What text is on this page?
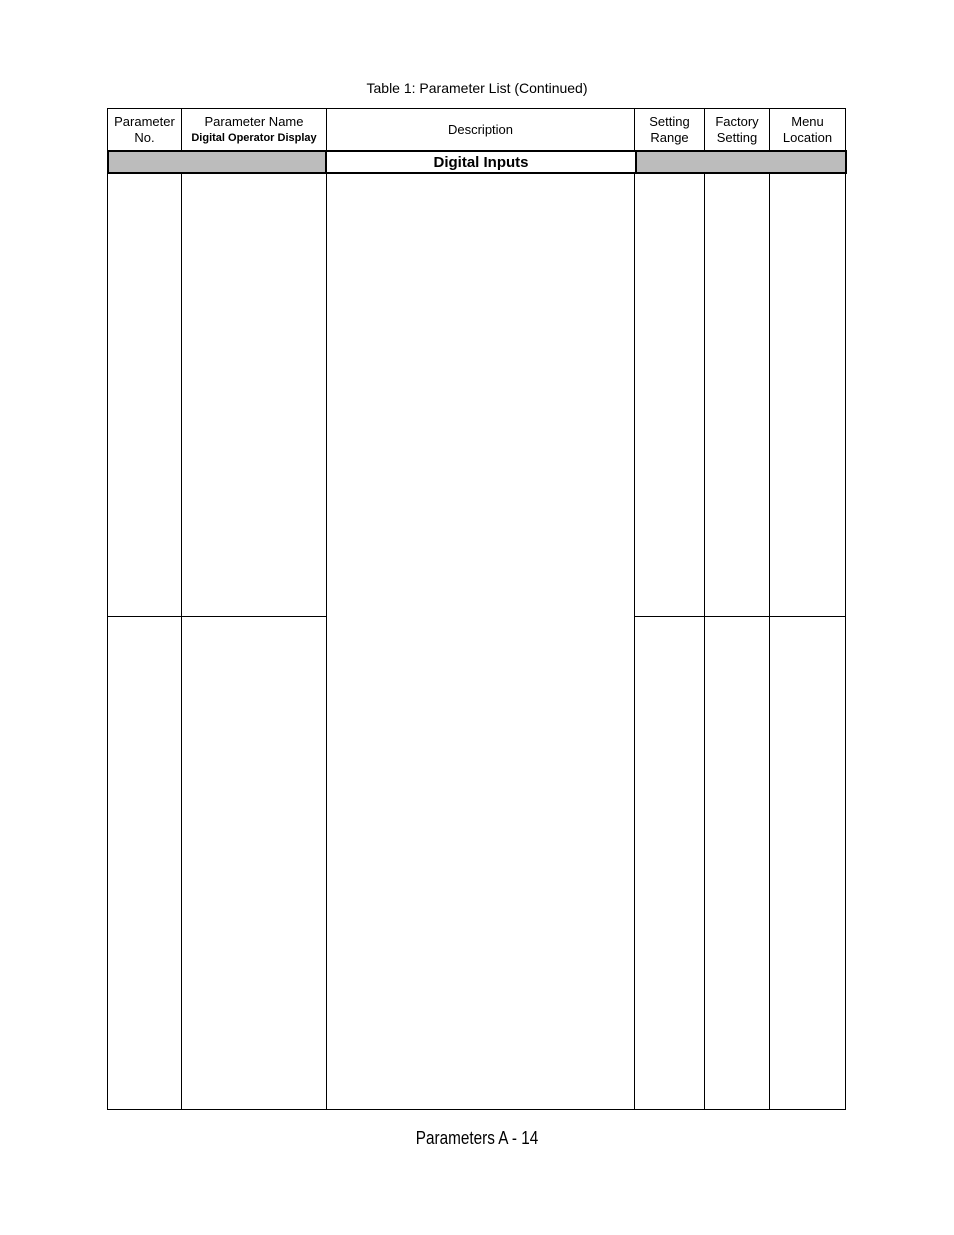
Table 1: Parameter List (Continued)
Parameter
No.
Parameter Name
Digital Operator Display
Description
Setting
Range
Factory
Setting
Menu
Location
Digital Inputs
Parameters A - 14
